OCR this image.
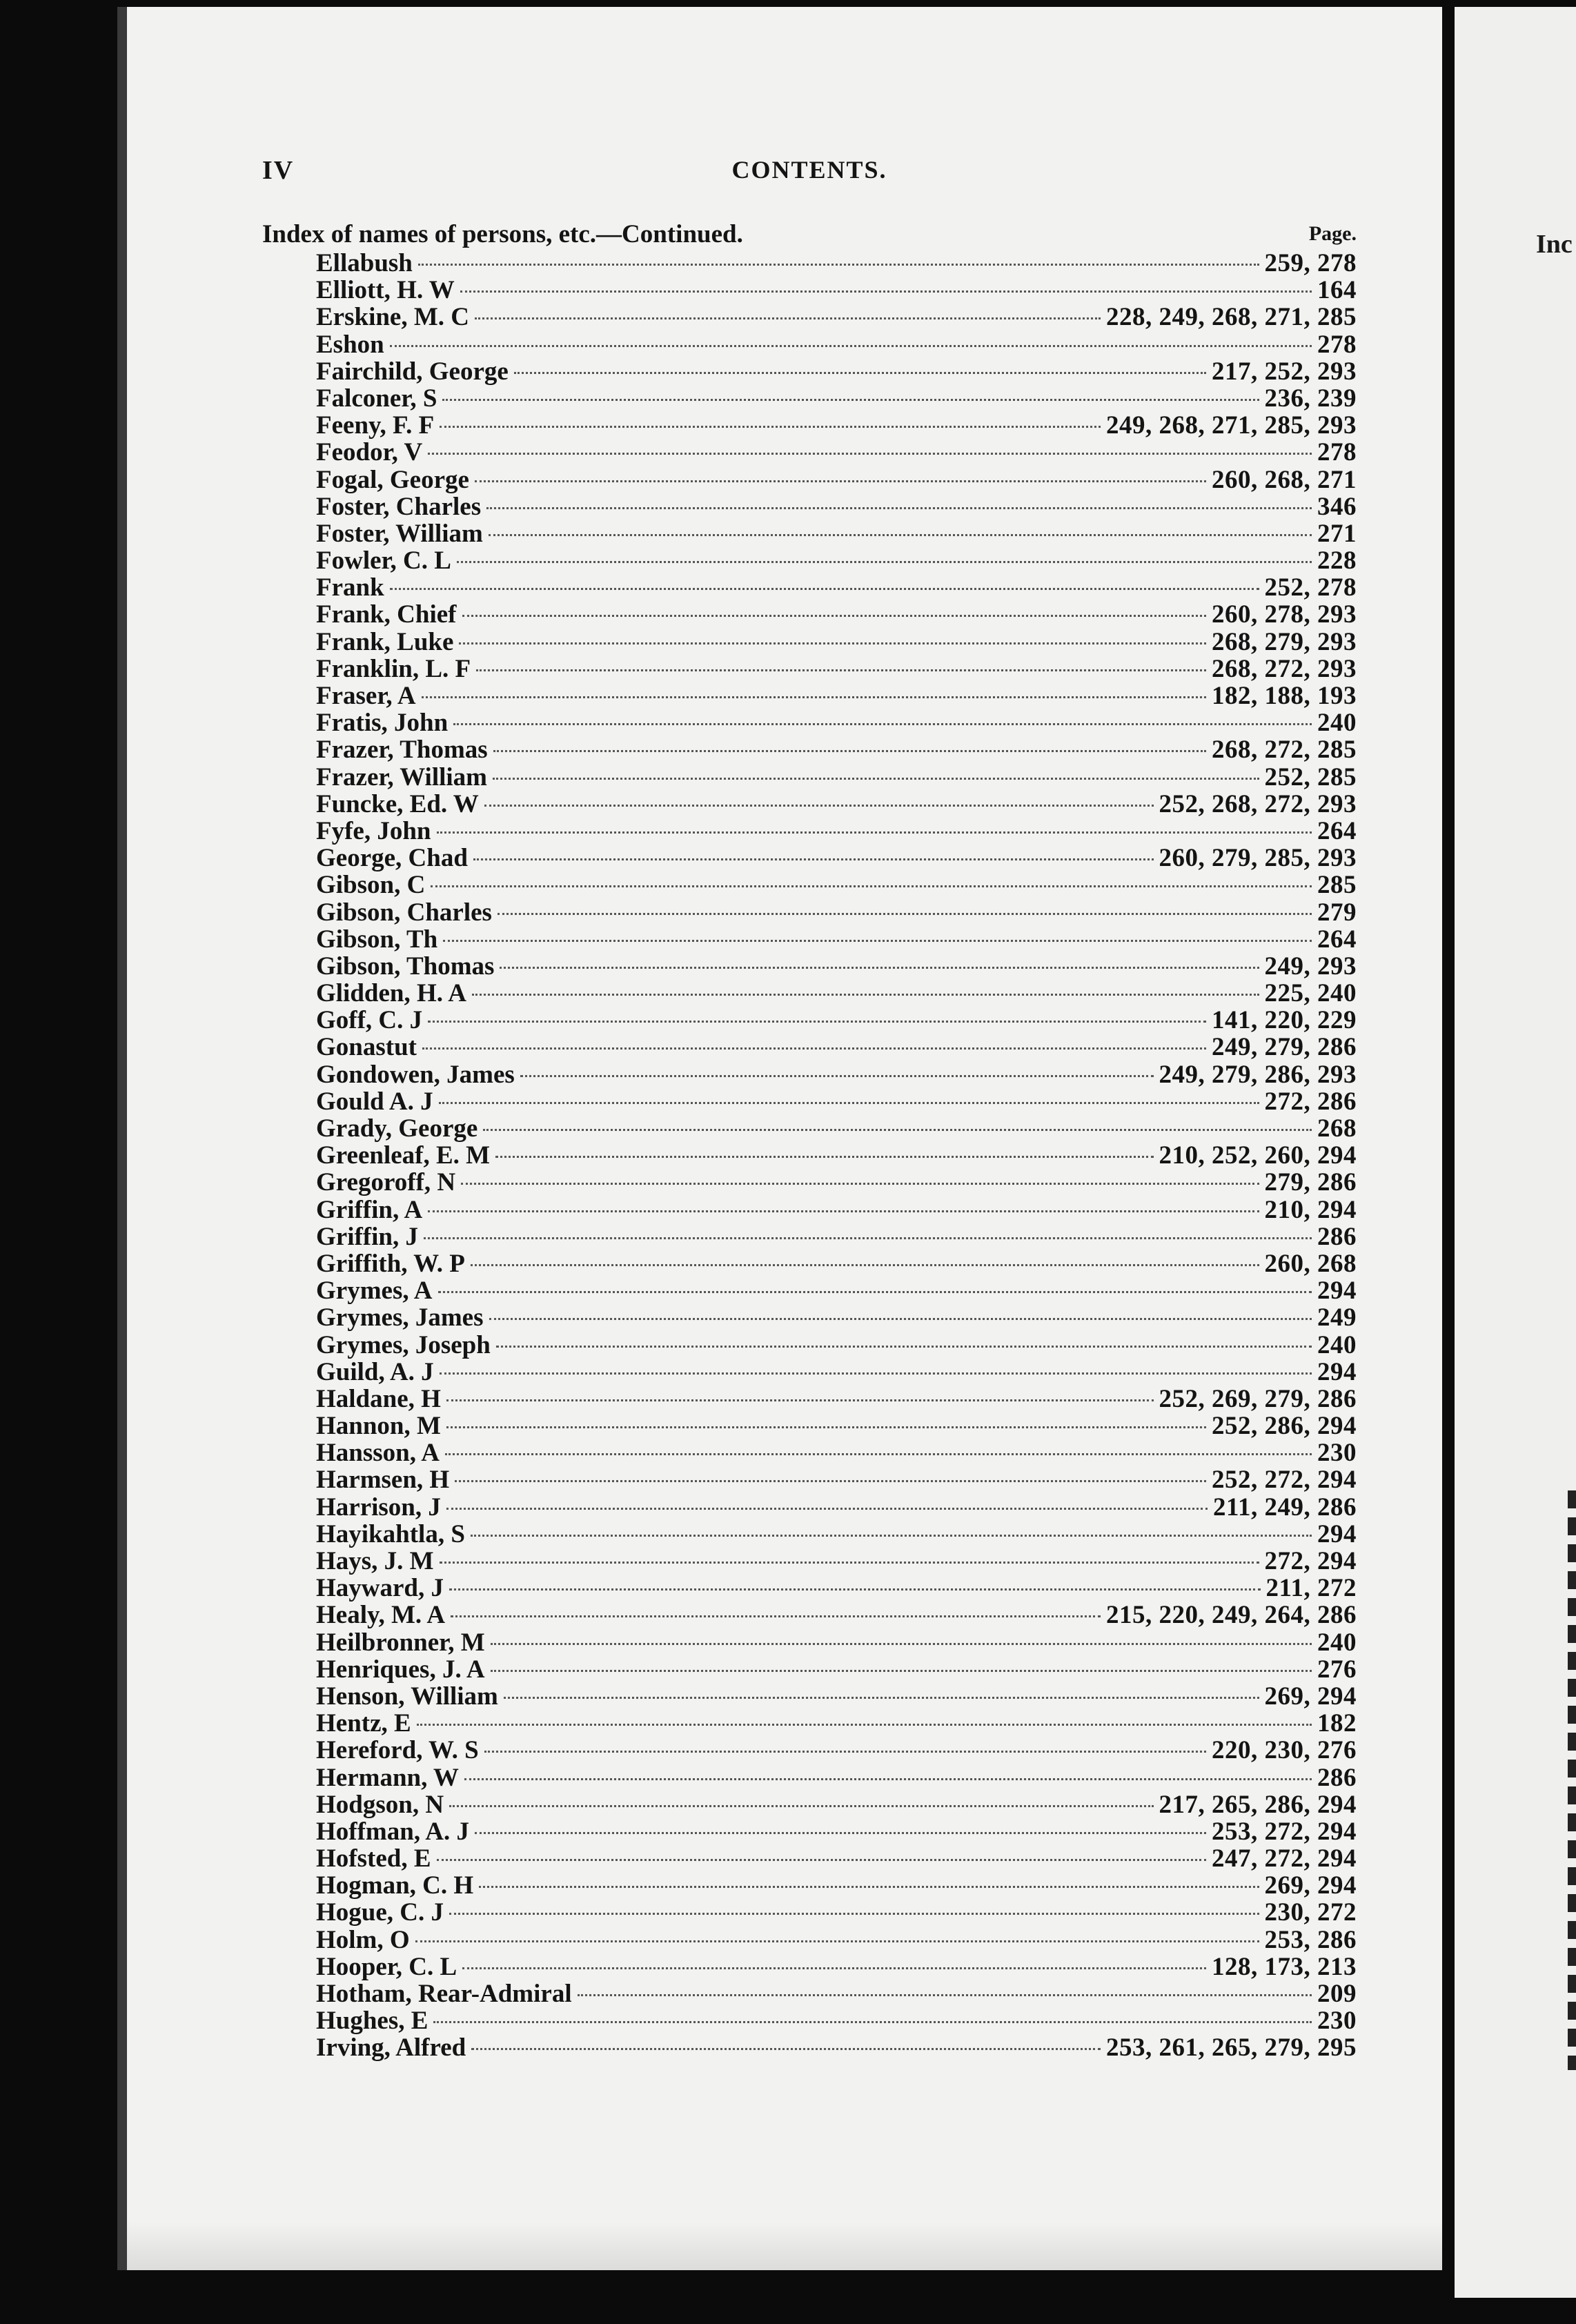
Inc
IV	CONTENTS.
Index of names of persons, etc.—Continued.	Page.
Ellabush	259, 278
Elliott, H. W	164
Erskine, M. C	228, 249, 268, 271, 285
Eshon	278
Fairchild, George	217, 252, 293
Falconer, S	236, 239
Feeny, F. F	249, 268, 271, 285, 293
Feodor, V	278
Fogal, George	260, 268, 271
Foster, Charles	346
Foster, William	271
Fowler, C. L	228
Frank	252, 278
Frank, Chief	260, 278, 293
Frank, Luke	268, 279, 293
Franklin, L. F	268, 272, 293
Fraser, A	182, 188, 193
Fratis, John	240
Frazer, Thomas	268, 272, 285
Frazer, William	252, 285
Funcke, Ed. W	252, 268, 272, 293
Fyfe, John	264
George, Chad	260, 279, 285, 293
Gibson, C	285
Gibson, Charles	279
Gibson, Th	264
Gibson, Thomas	249, 293
Glidden, H. A	225, 240
Goff, C. J	141, 220, 229
Gonastut	249, 279, 286
Gondowen, James	249, 279, 286, 293
Gould A. J	272, 286
Grady, George	268
Greenleaf, E. M	210, 252, 260, 294
Gregoroff, N	279, 286
Griffin, A	210, 294
Griffin, J	286
Griffith, W. P	260, 268
Grymes, A	294
Grymes, James	249
Grymes, Joseph	240
Guild, A. J	294
Haldane, H	252, 269, 279, 286
Hannon, M	252, 286, 294
Hansson, A	230
Harmsen, H	252, 272, 294
Harrison, J	211, 249, 286
Hayikahtla, S	294
Hays, J. M	272, 294
Hayward, J	211, 272
Healy, M. A	215, 220, 249, 264, 286
Heilbronner, M	240
Henriques, J. A	276
Henson, William	269, 294
Hentz, E	182
Hereford, W. S	220, 230, 276
Hermann, W	286
Hodgson, N	217, 265, 286, 294
Hoffman, A. J	253, 272, 294
Hofsted, E	247, 272, 294
Hogman, C. H	269, 294
Hogue, C. J	230, 272
Holm, O	253, 286
Hooper, C. L	128, 173, 213
Hotham, Rear-Admiral	209
Hughes, E	230
Irving, Alfred	253, 261, 265, 279, 295
